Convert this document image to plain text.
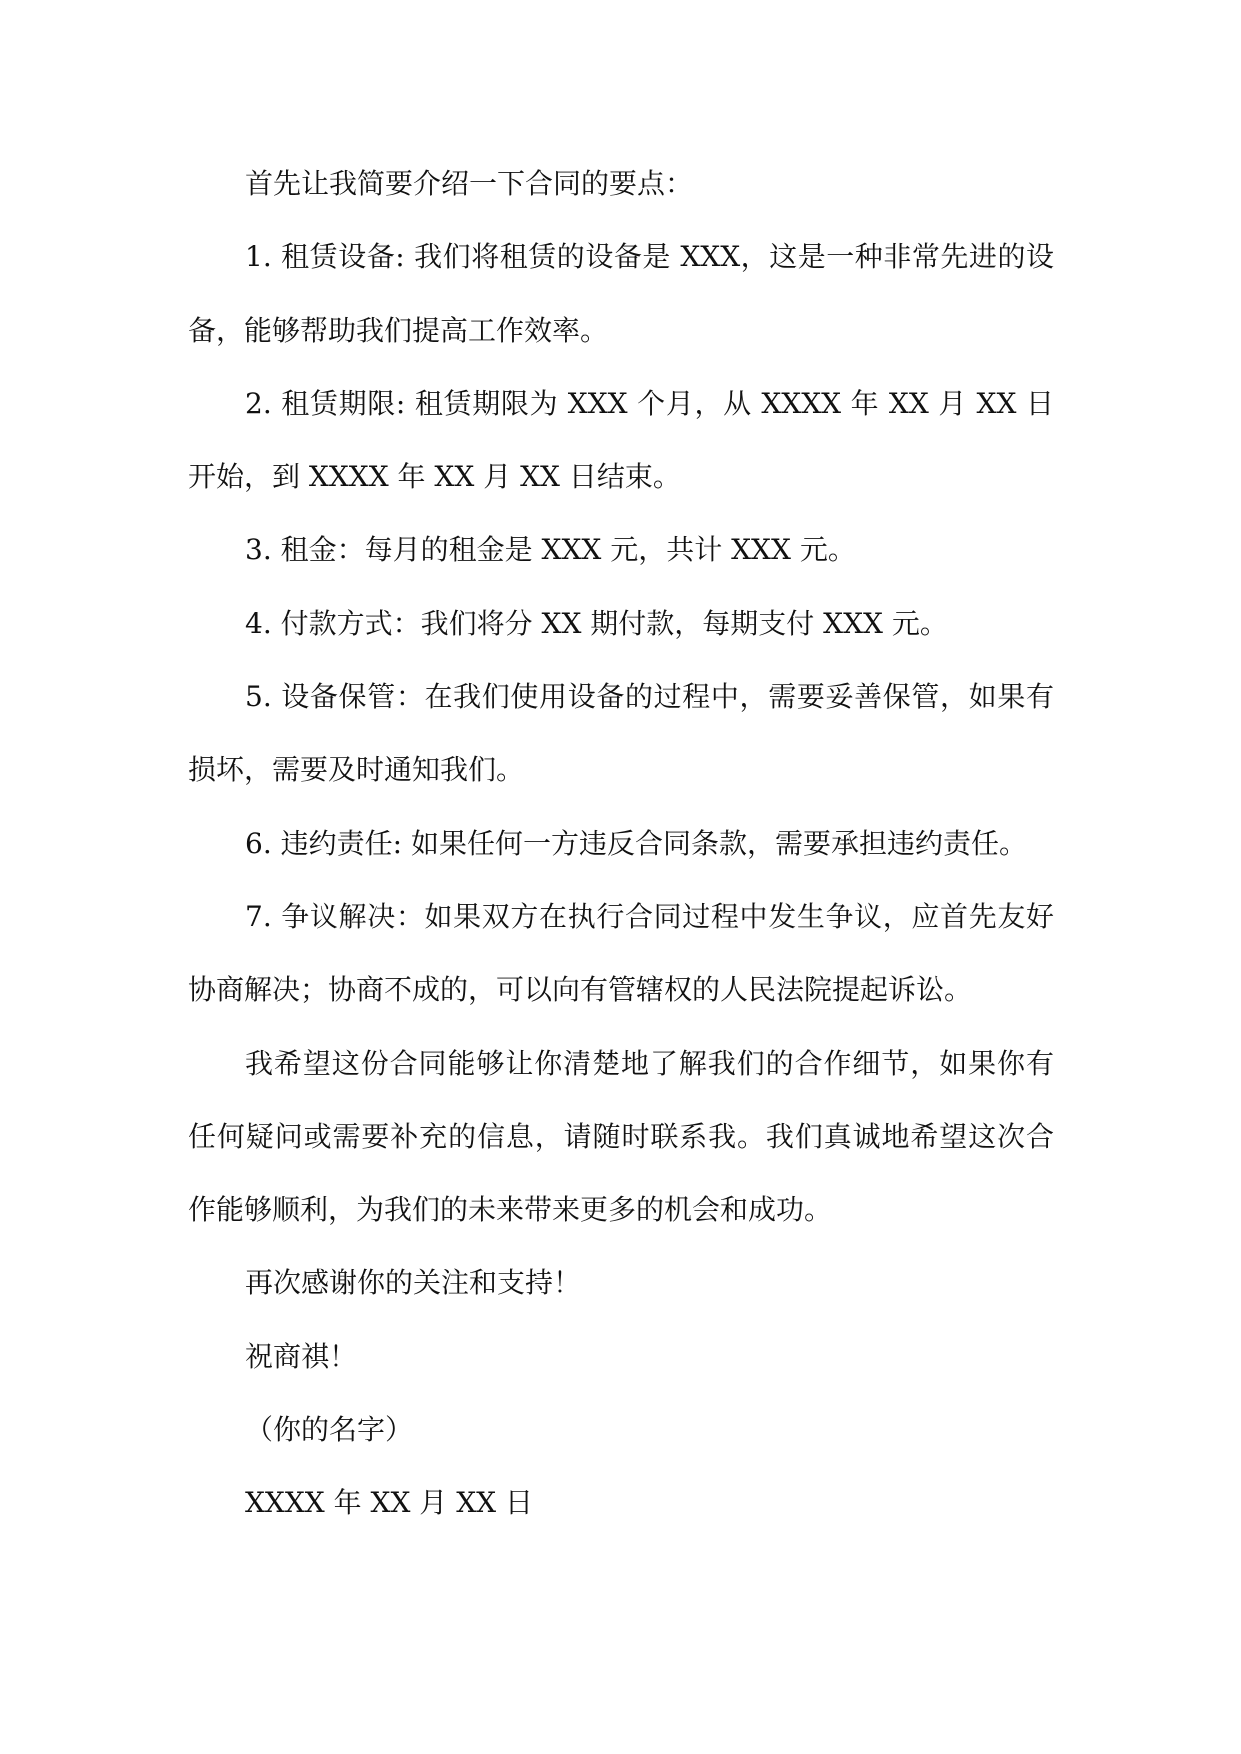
首先让我简要介绍一下合同的要点：

1. 租赁设备: 我们将租赁的设备是 XXX，这是一种非常先进的设备，能够帮助我们提高工作效率。

2. 租赁期限: 租赁期限为 XXX 个月，从 XXXX 年 XX 月 XX 日开始，到 XXXX 年 XX 月 XX 日结束。

3. 租金：每月的租金是 XXX 元，共计 XXX 元。

4. 付款方式：我们将分 XX 期付款，每期支付 XXX 元。

5. 设备保管：在我们使用设备的过程中，需要妥善保管，如果有损坏，需要及时通知我们。

6. 违约责任: 如果任何一方违反合同条款，需要承担违约责任。

7. 争议解决：如果双方在执行合同过程中发生争议，应首先友好协商解决；协商不成的，可以向有管辖权的人民法院提起诉讼。

我希望这份合同能够让你清楚地了解我们的合作细节，如果你有任何疑问或需要补充的信息，请随时联系我。我们真诚地希望这次合作能够顺利，为我们的未来带来更多的机会和成功。

再次感谢你的关注和支持！

祝商祺！

（你的名字）

XXXX 年 XX 月 XX 日
